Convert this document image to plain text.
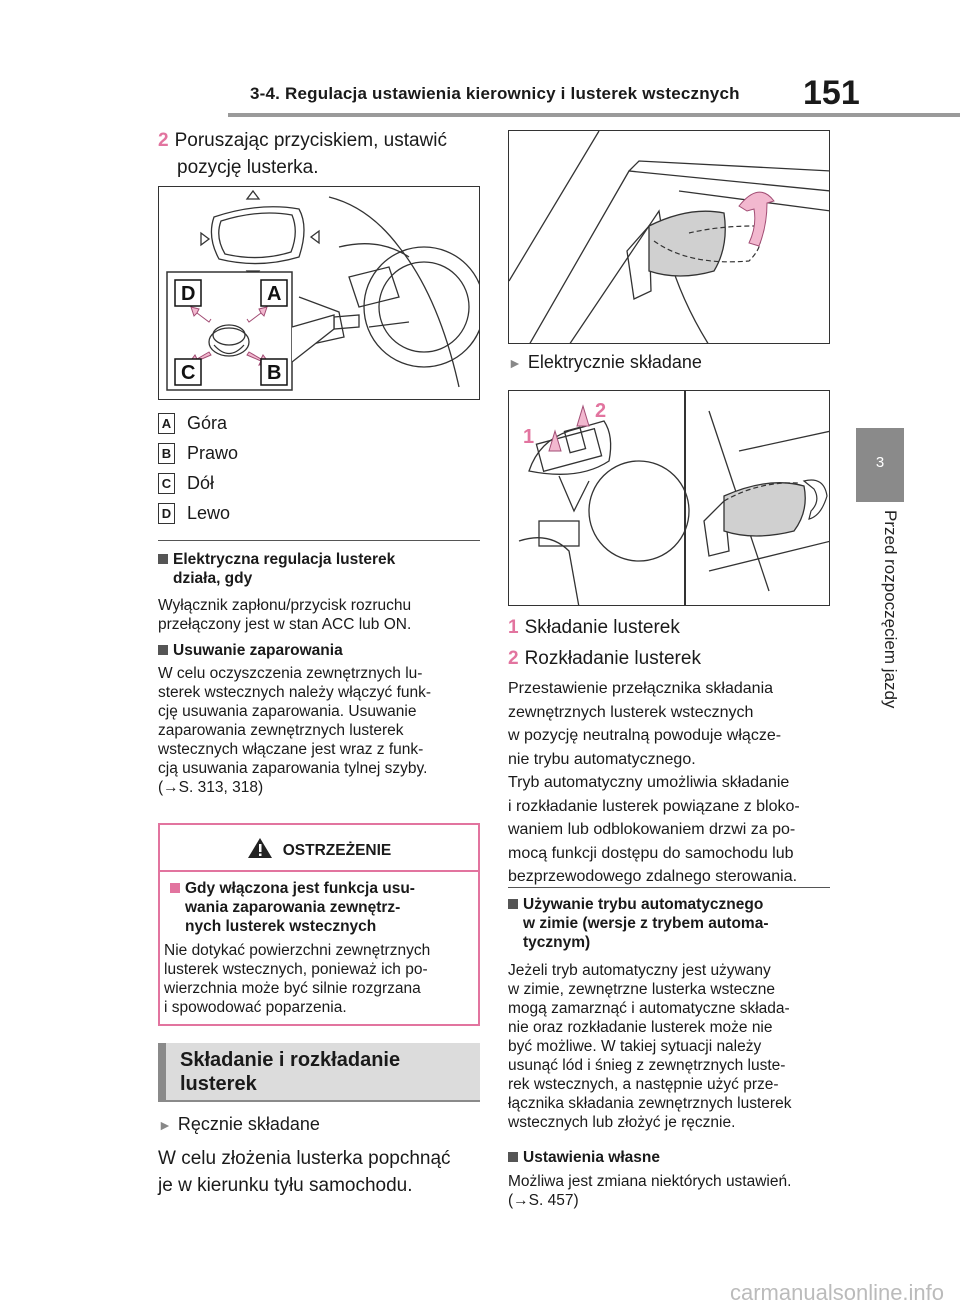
3-4. Regulacja ustawienia kierownicy i lusterek wstecznych 151
3
Przed rozpoczęciem jazdy
2 Poruszając przyciskiem, ustawić
pozycję lusterka.
D	A
C	B
A Góra
B Prawo
C Dół
D Lewo
Elektryczna regulacja lusterek
działa, gdy
Wyłącznik zapłonu/przycisk rozruchu
przełączony jest w stan ACC lub ON.
Usuwanie zaparowania
W celu oczyszczenia zewnętrznych lu-
sterek wstecznych należy włączyć funk-
cję usuwania zaparowania. Usuwanie
zaparowania zewnętrznych lusterek
wstecznych włączane jest wraz z funk-
cją usuwania zaparowania tylnej szyby.
(→S. 313, 318)
OSTRZEŻENIE
Gdy włączona jest funkcja usu-
wania zaparowania zewnętrz-
nych lusterek wstecznych
Nie dotykać powierzchni zewnętrznych
lusterek wstecznych, ponieważ ich po-
wierzchnia może być silnie rozgrzana
i spowodować poparzenia.
Składanie i rozkładanie
lusterek
► Ręcznie składane
W celu złożenia lusterka popchnąć
je w kierunku tyłu samochodu.
► Elektrycznie składane
1
2
1 Składanie lusterek
2 Rozkładanie lusterek
Przestawienie przełącznika składania
zewnętrznych lusterek wstecznych
w pozycję neutralną powoduje włącze-
nie trybu automatycznego.
Tryb automatyczny umożliwia składanie
i rozkładanie lusterek powiązane z bloko-
waniem lub odblokowaniem drzwi za po-
mocą funkcji dostępu do samochodu lub
bezprzewodowego zdalnego sterowania.
Używanie trybu automatycznego
w zimie (wersje z trybem automa-
tycznym)
Jeżeli tryb automatyczny jest używany
w zimie, zewnętrzne lusterka wsteczne
mogą zamarznąć i automatyczne składa-
nie oraz rozkładanie lusterek może nie
być możliwe. W takiej sytuacji należy
usunąć lód i śnieg z zewnętrznych luste-
rek wstecznych, a następnie użyć prze-
łącznika składania zewnętrznych lusterek
wstecznych lub złożyć je ręcznie.
Ustawienia własne
Możliwa jest zmiana niektórych ustawień.
(→S. 457)
carmanualsonline.info
